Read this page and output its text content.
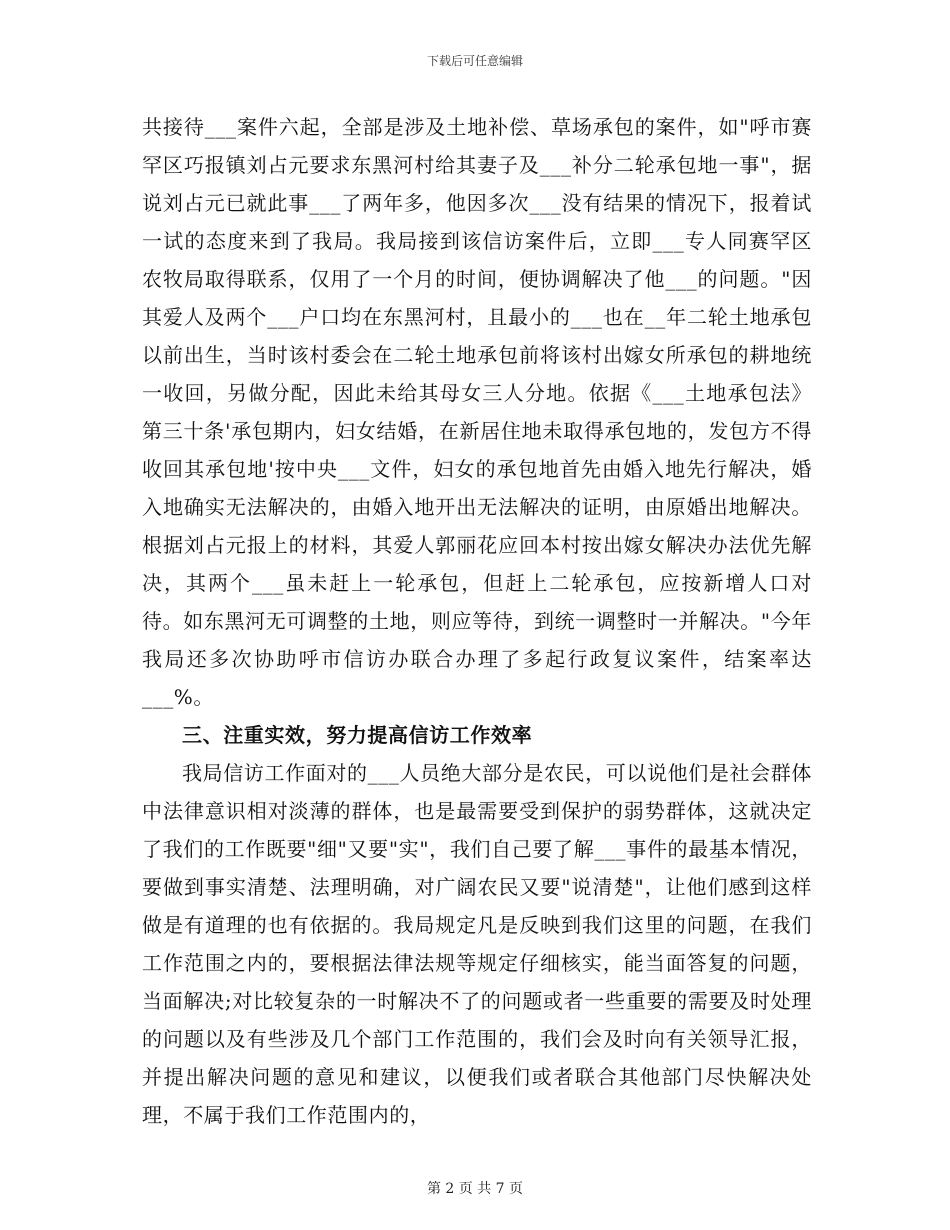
下载后可任意编辑

共接待___案件六起，全部是涉及土地补偿、草场承包的案件，如"呼市赛罕区巧报镇刘占元要求东黑河村给其妻子及___补分二轮承包地一事"，据说刘占元已就此事___了两年多，他因多次___没有结果的情况下，报着试一试的态度来到了我局。我局接到该信访案件后，立即___专人同赛罕区农牧局取得联系，仅用了一个月的时间，便协调解决了他___的问题。"因其爱人及两个___户口均在东黑河村，且最小的___也在__年二轮土地承包以前出生，当时该村委会在二轮土地承包前将该村出嫁女所承包的耕地统一收回，另做分配，因此未给其母女三人分地。依据《___土地承包法》第三十条'承包期内，妇女结婚，在新居住地未取得承包地的，发包方不得收回其承包地'按中央___文件，妇女的承包地首先由婚入地先行解决，婚入地确实无法解决的，由婚入地开出无法解决的证明，由原婚出地解决。根据刘占元报上的材料，其爱人郭丽花应回本村按出嫁女解决办法优先解决，其两个___虽未赶上一轮承包，但赶上二轮承包，应按新增人口对待。如东黑河无可调整的土地，则应等待，到统一调整时一并解决。"今年我局还多次协助呼市信访办联合办理了多起行政复议案件，结案率达___%。

三、注重实效，努力提高信访工作效率

我局信访工作面对的___人员绝大部分是农民，可以说他们是社会群体中法律意识相对淡薄的群体，也是最需要受到保护的弱势群体，这就决定了我们的工作既要"细"又要"实"，我们自己要了解___事件的最基本情况，要做到事实清楚、法理明确，对广阔农民又要"说清楚"，让他们感到这样做是有道理的也有依据的。我局规定凡是反映到我们这里的问题，在我们工作范围之内的，要根据法律法规等规定仔细核实，能当面答复的问题，当面解决;对比较复杂的一时解决不了的问题或者一些重要的需要及时处理的问题以及有些涉及几个部门工作范围的，我们会及时向有关领导汇报，并提出解决问题的意见和建议，以便我们或者联合其他部门尽快解决处理，不属于我们工作范围内的，

第 2 页 共 7 页
